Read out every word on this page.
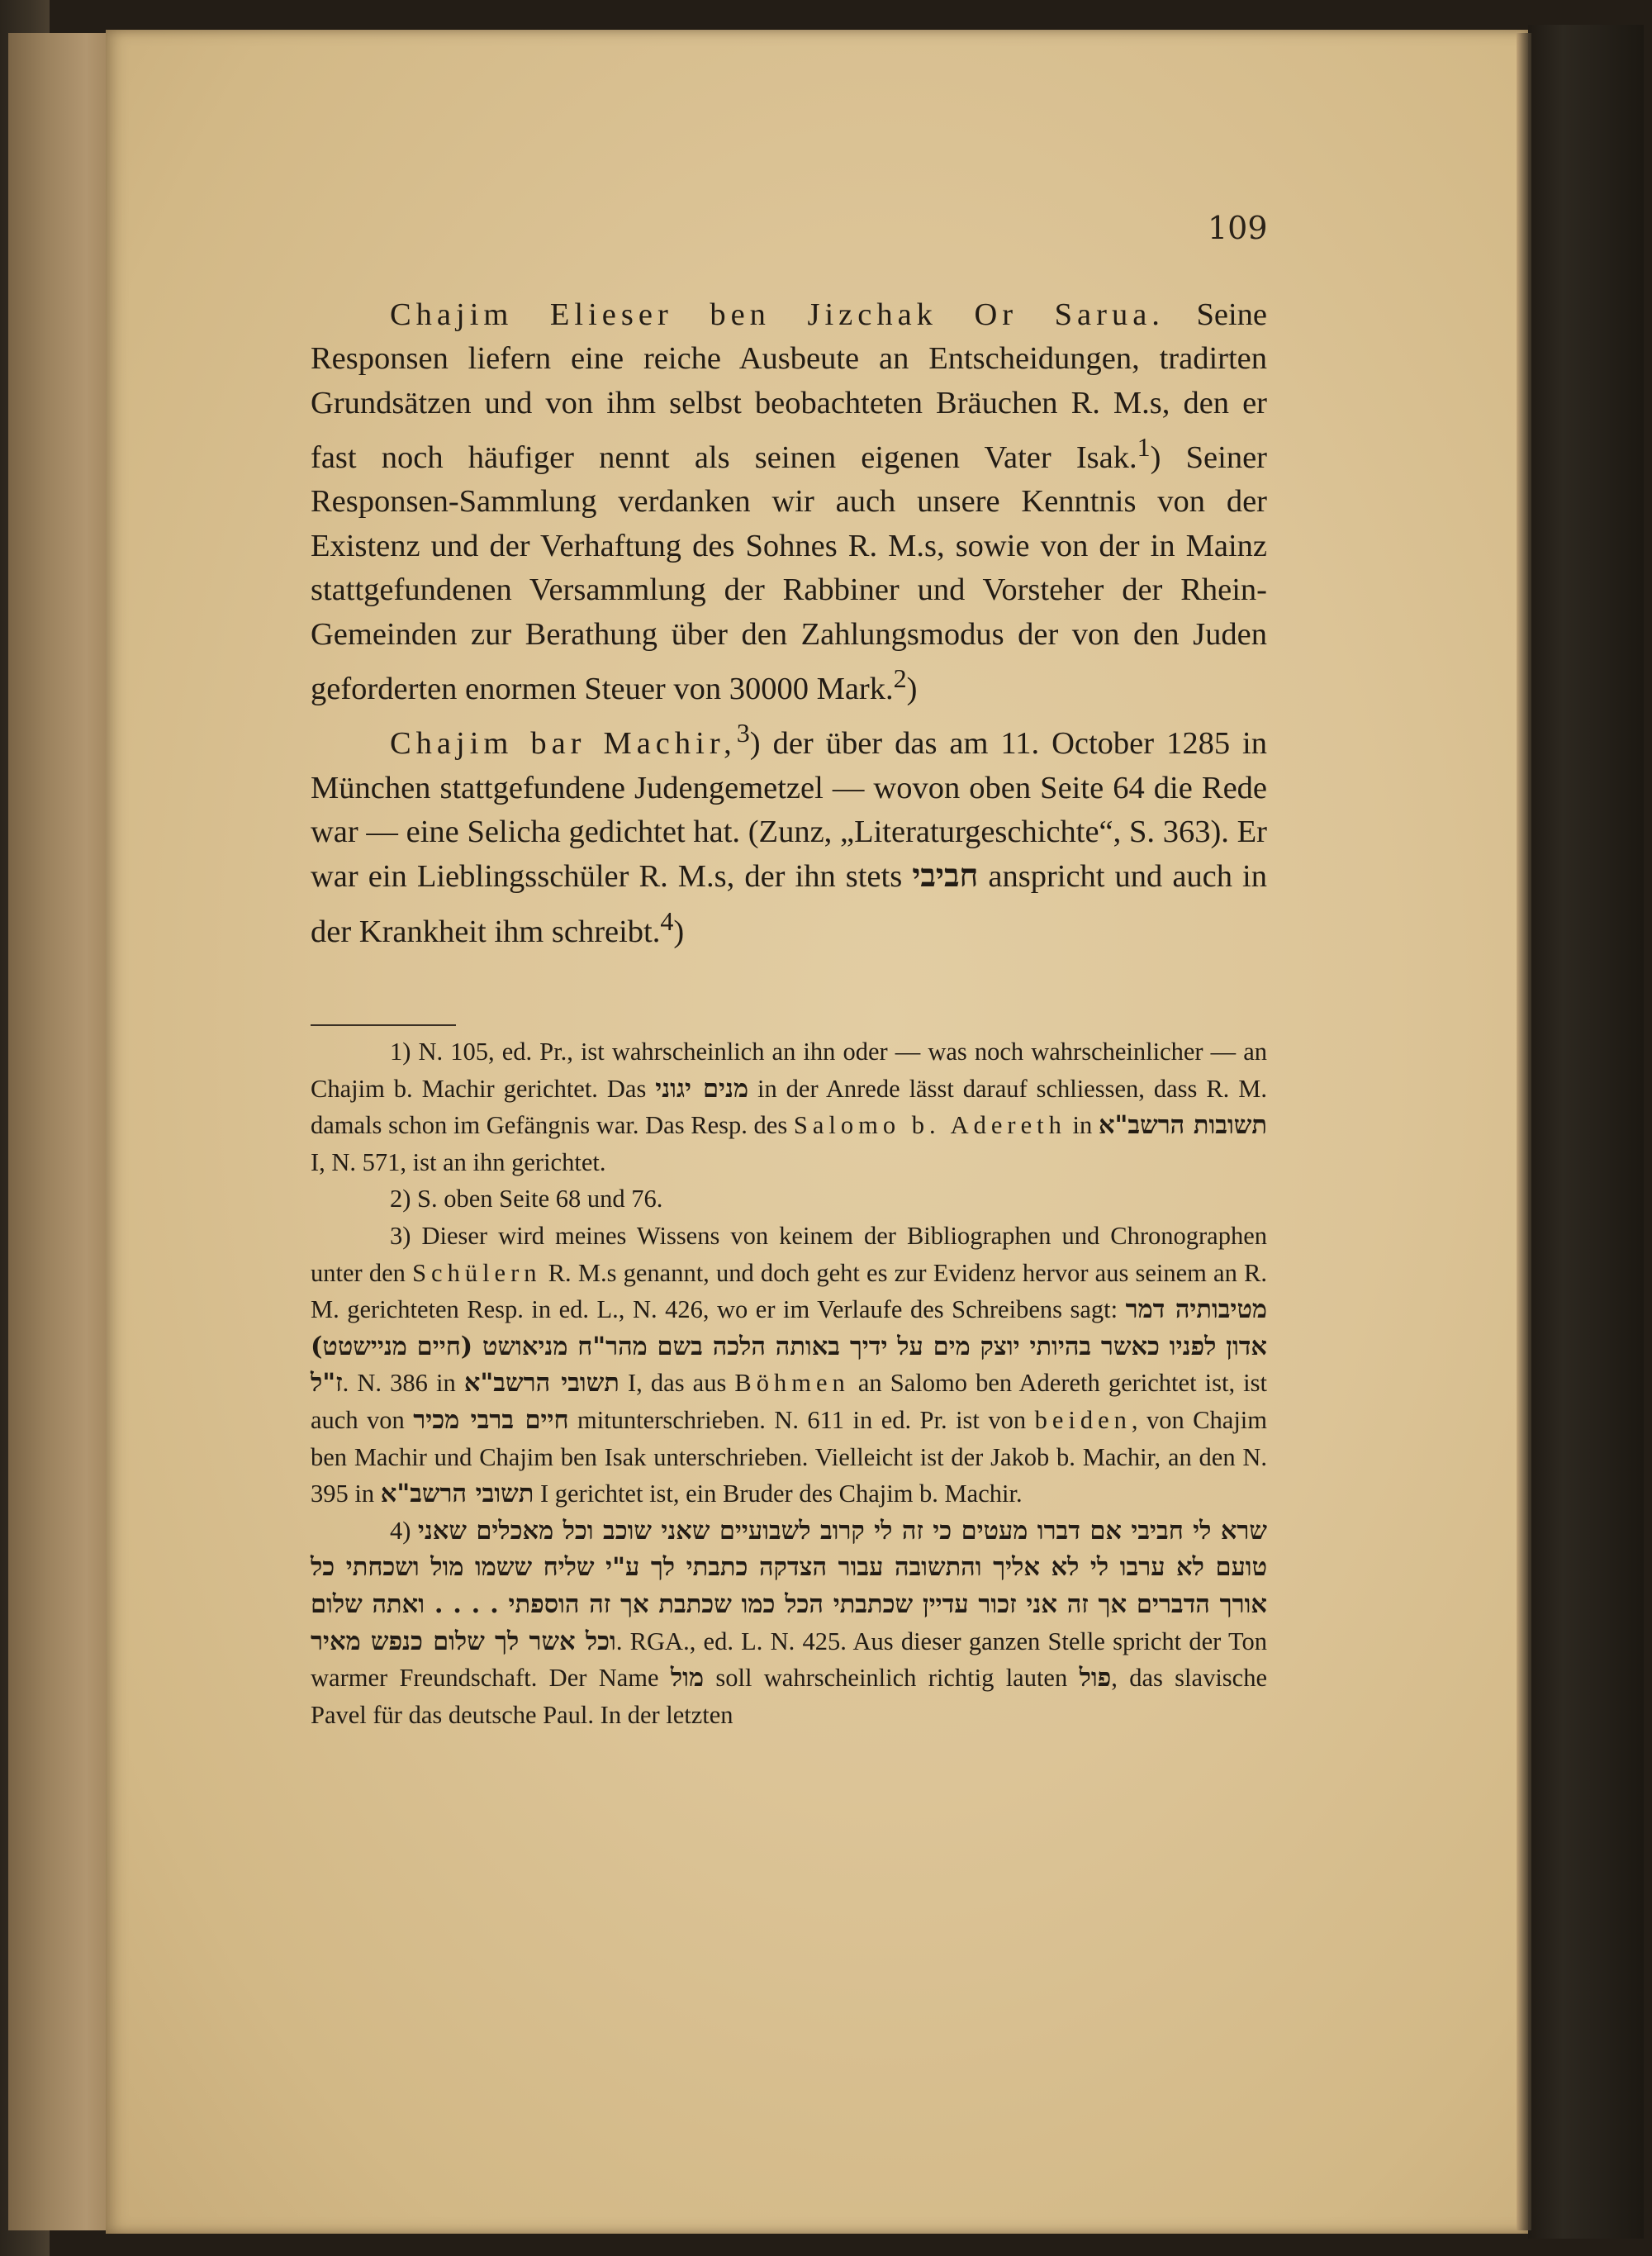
109

Chajim Elieser ben Jizchak Or Sarua. Seine Responsen liefern eine reiche Ausbeute an Entscheidungen, tradirten Grundsätzen und von ihm selbst beobachteten Bräuchen R. M.s, den er fast noch häufiger nennt als seinen eigenen Vater Isak.$^1$) Seiner Responsen-Sammlung verdanken wir auch unsere Kenntnis von der Existenz und der Verhaftung des Sohnes R. M.s, sowie von der in Mainz stattgefundenen Versammlung der Rabbiner und Vorsteher der Rhein-Gemeinden zur Berathung über den Zahlungsmodus der von den Juden geforderten enormen Steuer von 30000 Mark.$^2$)

Chajim bar Machir,$^3$) der über das am 11. October 1285 in München stattgefundene Judengemetzel — wovon oben Seite 64 die Rede war — eine Selicha gedichtet hat. (Zunz, „Literaturgeschichte“, S. 363). Er war ein Lieblingsschüler R. M.s, der ihn stets חביבי anspricht und auch in der Krankheit ihm schreibt.$^4$)

1) N. 105, ed. Pr., ist wahrscheinlich an ihn oder — was noch wahrscheinlicher — an Chajim b. Machir gerichtet. Das מנים יגוני in der Anrede lässt darauf schliessen, dass R. M. damals schon im Gefängnis war. Das Resp. des Salomo b. Adereth in תשובות הרשב"א I, N. 571, ist an ihn gerichtet.

2) S. oben Seite 68 und 76.

3) Dieser wird meines Wissens von keinem der Bibliographen und Chronographen unter den Schülern R. M.s genannt, und doch geht es zur Evidenz hervor aus seinem an R. M. gerichteten Resp. in ed. L., N. 426, wo er im Verlaufe des Schreibens sagt: מטיבותיה דמר אדון לפניו כאשר בהיותי יוצק מים על ידיך באותה הלכה בשם מהר"ח מניאושט (חיים מניישטט) ז"ל. N. 386 in תשובי הרשב"א I, das aus Böhmen an Salomo ben Adereth gerichtet ist, ist auch von חיים ברבי מכיר mitunterschrieben. N. 611 in ed. Pr. ist von beiden, von Chajim ben Machir und Chajim ben Isak unterschrieben. Vielleicht ist der Jakob b. Machir, an den N. 395 in תשובי הרשב"א I gerichtet ist, ein Bruder des Chajim b. Machir.

4) שרא לי חביבי אם דברו מעטים כי זה לי קרוב לשבועיים שאני שוכב וכל מאכלים שאני טועם לא ערבו לי לא אליך והתשובה עבור הצדקה כתבתי לך ע"י שליח ששמו מול ושכחתי כל אורך הדברים אך זה אני זכור עדיין שכתבתי הכל כמו שכתבת אך זה הוספתי . . . . ואתה שלום וכל אשר לך שלום כנפש מאיר. RGA., ed. L. N. 425. Aus dieser ganzen Stelle spricht der Ton warmer Freundschaft. Der Name מול soll wahrscheinlich richtig lauten פול, das slavische Pavel für das deutsche Paul. In der letzten
